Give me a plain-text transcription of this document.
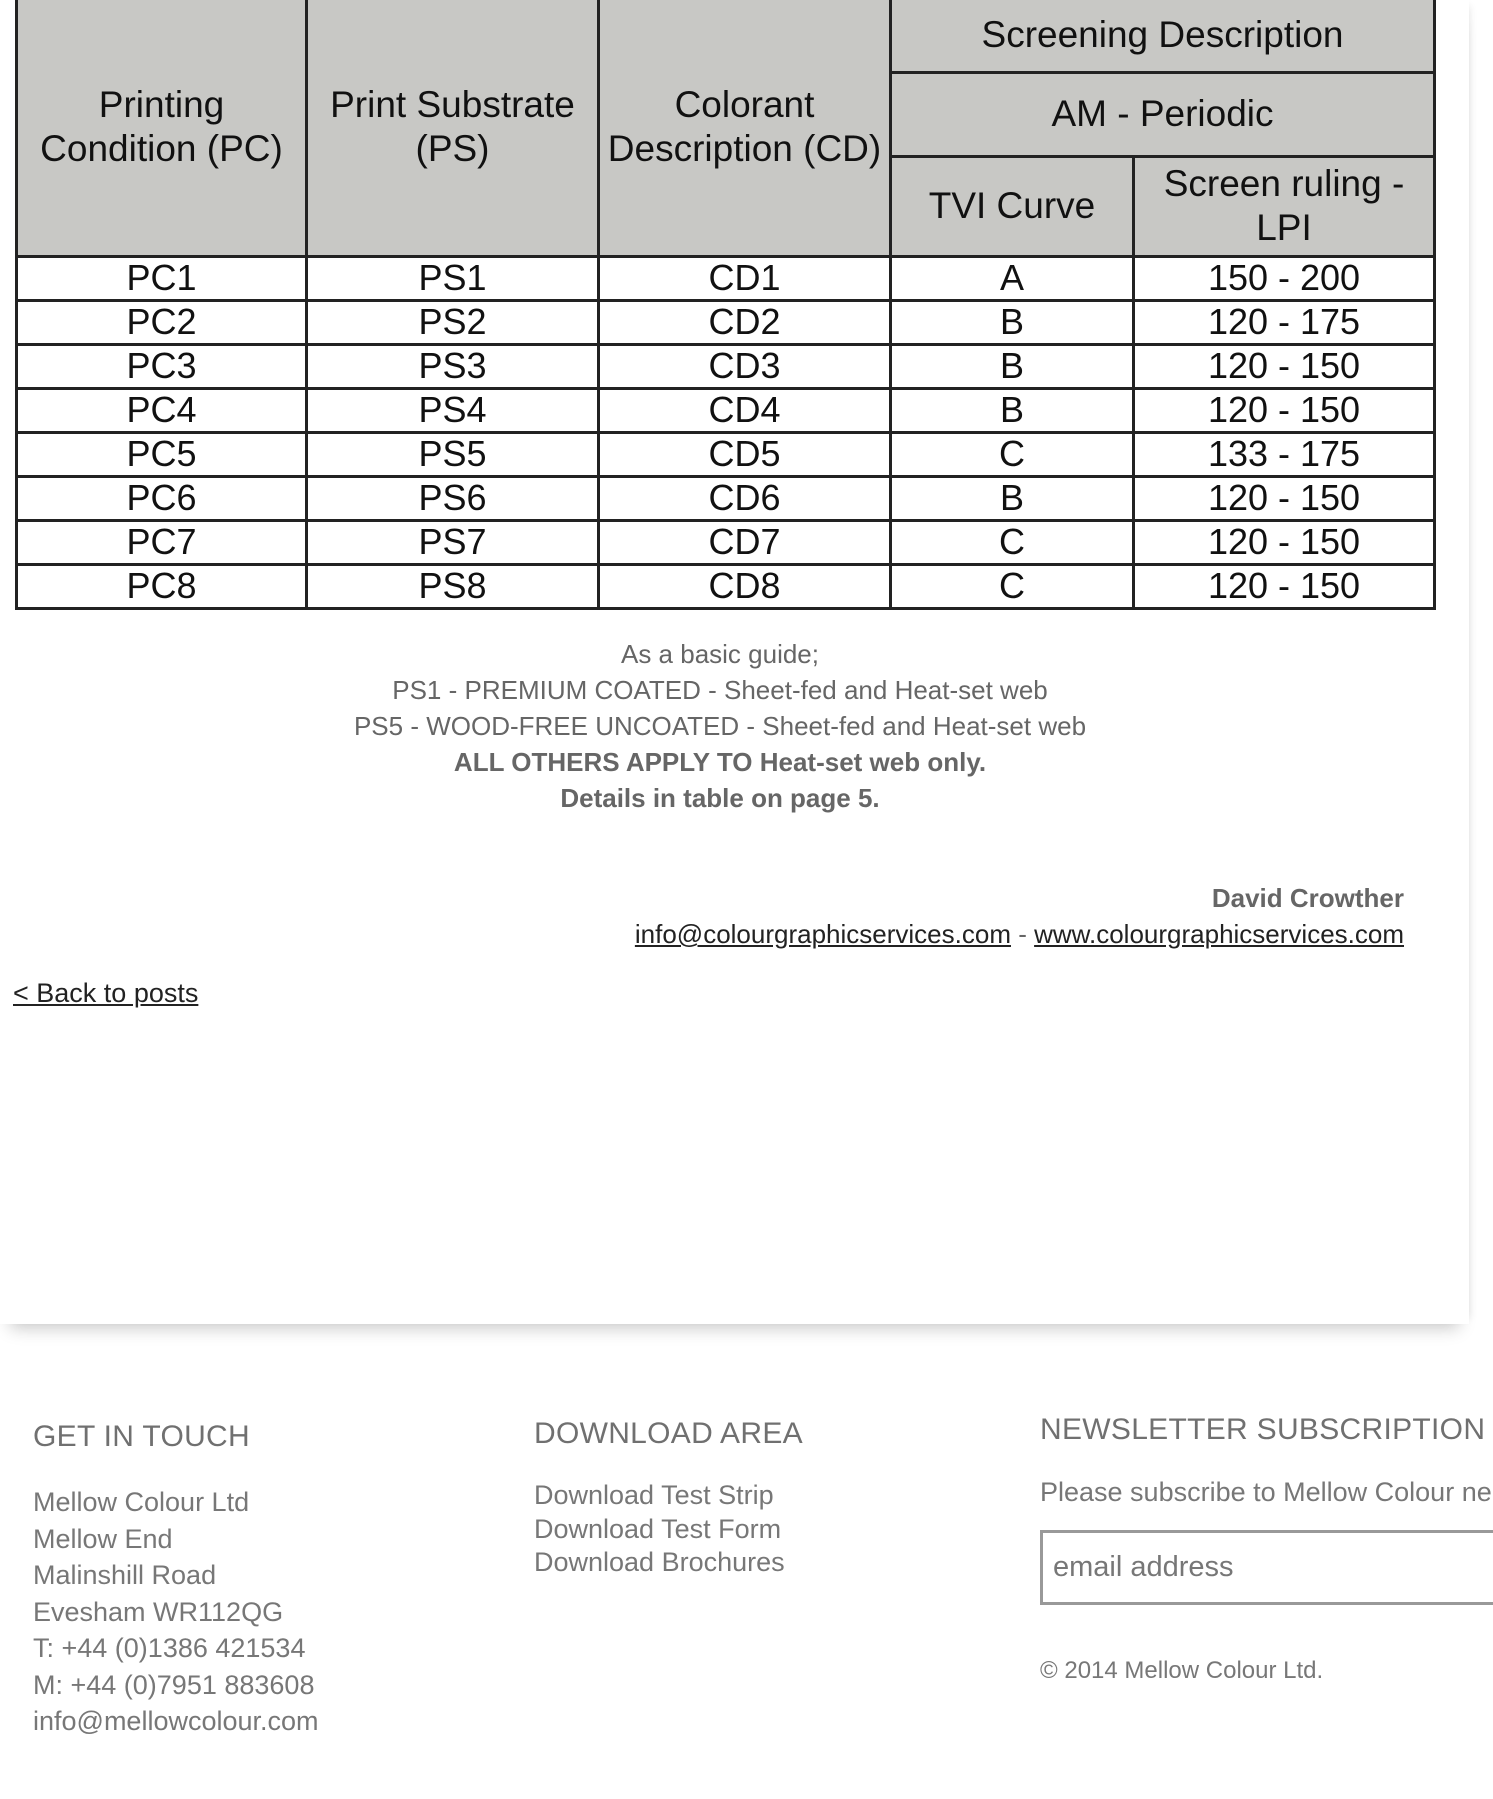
Printing Condition (PC)	Print Substrate (PS)	Colorant Description (CD)	Screening Description	
			AM - Periodic	
			TVI Curve	Screen ruling - LPI
PC1	PS1	CD1	A	150 - 200
PC2	PS2	CD2	B	120 - 175
PC3	PS3	CD3	B	120 - 150
PC4	PS4	CD4	B	120 - 150
PC5	PS5	CD5	C	133 - 175
PC6	PS6	CD6	B	120 - 150
PC7	PS7	CD7	C	120 - 150
PC8	PS8	CD8	C	120 - 150
As a basic guide;
PS1 - PREMIUM COATED - Sheet-fed and Heat-set web
PS5 - WOOD-FREE UNCOATED - Sheet-fed and Heat-set web
ALL OTHERS APPLY TO Heat-set web only.
Details in table on page 5.
David Crowther
info@colourgraphicservices.com - www.colourgraphicservices.com
< Back to posts
GET IN TOUCH
Mellow Colour Ltd
Mellow End
Malinshill Road
Evesham WR112QG
T: +44 (0)1386 421534
M: +44 (0)7951 883608
info@mellowcolour.com
DOWNLOAD AREA
Download Test Strip
Download Test Form
Download Brochures
NEWSLETTER SUBSCRIPTION
Please subscribe to Mellow Colour ne
email address
© 2014 Mellow Colour Ltd.
